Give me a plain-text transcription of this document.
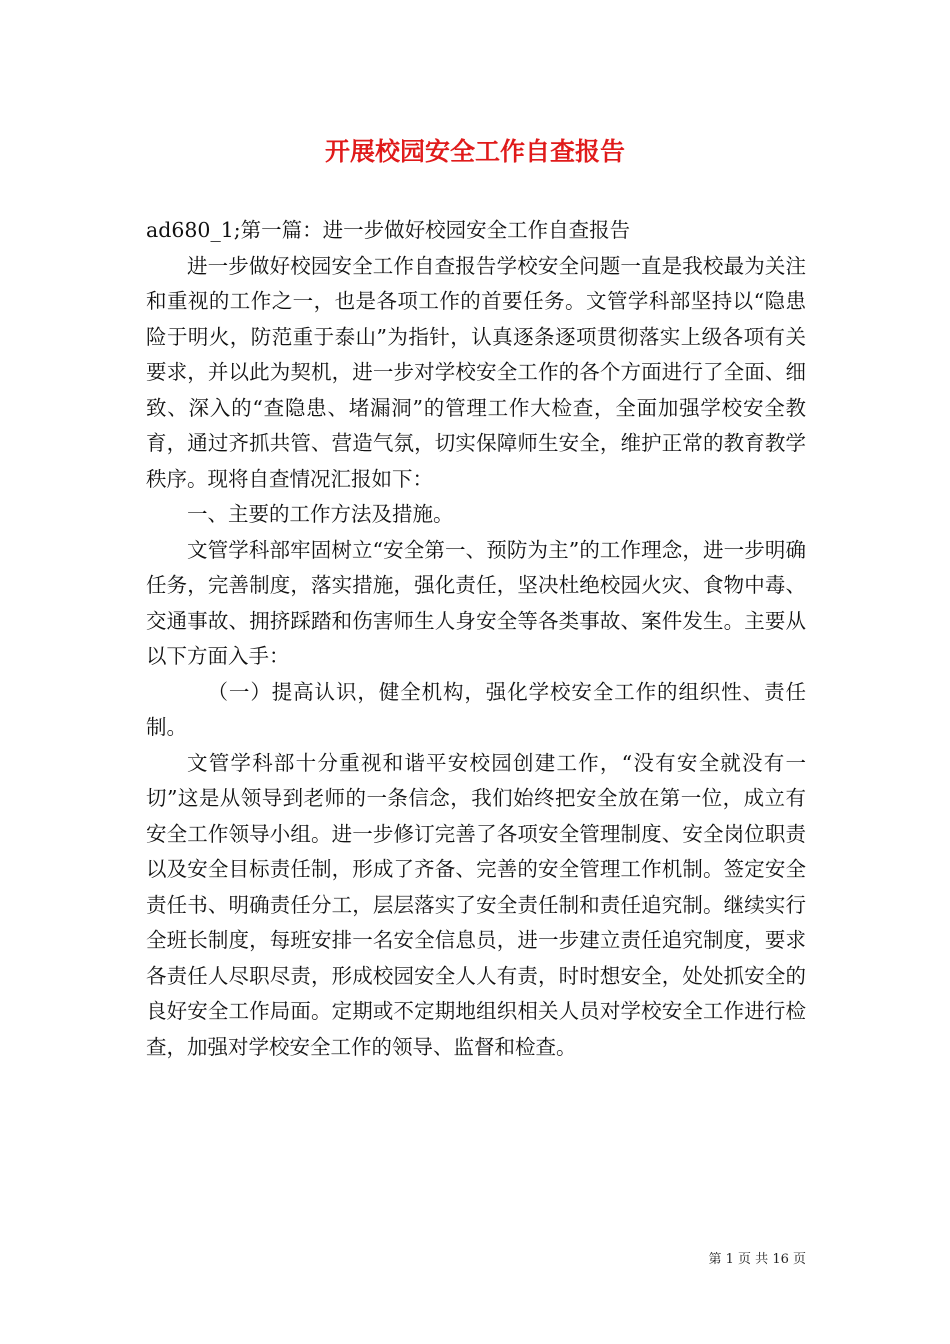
开展校园安全工作自查报告

ad680_1;第一篇：进一步做好校园安全工作自查报告

进一步做好校园安全工作自查报告学校安全问题一直是我校最为关注和重视的工作之一，也是各项工作的首要任务。文管学科部坚持以“隐患险于明火，防范重于泰山”为指针，认真逐条逐项贯彻落实上级各项有关要求，并以此为契机，进一步对学校安全工作的各个方面进行了全面、细致、深入的“查隐患、堵漏洞”的管理工作大检查，全面加强学校安全教育，通过齐抓共管、营造气氛，切实保障师生安全，维护正常的教育教学秩序。现将自查情况汇报如下：

一、主要的工作方法及措施。

文管学科部牢固树立“安全第一、预防为主”的工作理念，进一步明确任务，完善制度，落实措施，强化责任，坚决杜绝校园火灾、食物中毒、交通事故、拥挤踩踏和伤害师生人身安全等各类事故、案件发生。主要从以下方面入手：

（一）提高认识，健全机构，强化学校安全工作的组织性、责任制。

文管学科部十分重视和谐平安校园创建工作，“没有安全就没有一切”这是从领导到老师的一条信念，我们始终把安全放在第一位，成立有安全工作领导小组。进一步修订完善了各项安全管理制度、安全岗位职责以及安全目标责任制，形成了齐备、完善的安全管理工作机制。签定安全责任书、明确责任分工，层层落实了安全责任制和责任追究制。继续实行全班长制度，每班安排一名安全信息员，进一步建立责任追究制度，要求各责任人尽职尽责，形成校园安全人人有责，时时想安全，处处抓安全的良好安全工作局面。定期或不定期地组织相关人员对学校安全工作进行检查，加强对学校安全工作的领导、监督和检查。

第 1 页 共 16 页
